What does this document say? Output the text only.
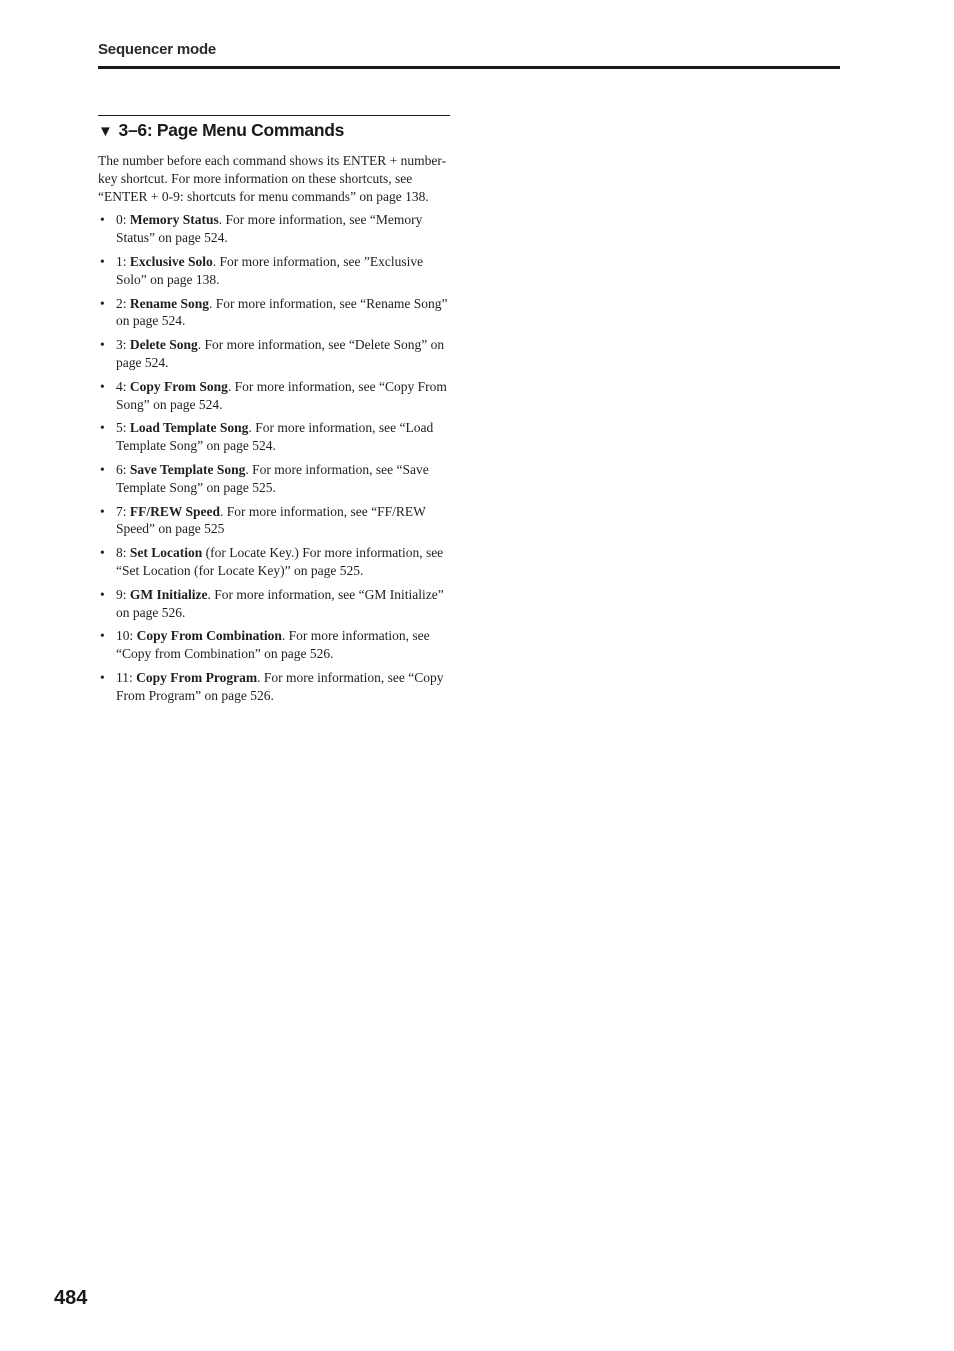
Sequencer mode
▼ 3–6: Page Menu Commands

The number before each command shows its ENTER + number-key shortcut. For more information on these shortcuts, see “ENTER + 0-9: shortcuts for menu commands” on page 138.

• 0: Memory Status. For more information, see “Memory Status” on page 524.
• 1: Exclusive Solo. For more information, see ”Exclusive Solo” on page 138.
• 2: Rename Song. For more information, see “Rename Song” on page 524.
• 3: Delete Song. For more information, see “Delete Song” on page 524.
• 4: Copy From Song. For more information, see “Copy From Song” on page 524.
• 5: Load Template Song. For more information, see “Load Template Song” on page 524.
• 6: Save Template Song. For more information, see “Save Template Song” on page 525.
• 7: FF/REW Speed. For more information, see “FF/REW Speed” on page 525
• 8: Set Location (for Locate Key.) For more information, see “Set Location (for Locate Key)” on page 525.
• 9: GM Initialize. For more information, see “GM Initialize” on page 526.
• 10: Copy From Combination. For more information, see “Copy from Combination” on page 526.
• 11: Copy From Program. For more information, see “Copy From Program” on page 526.
484
